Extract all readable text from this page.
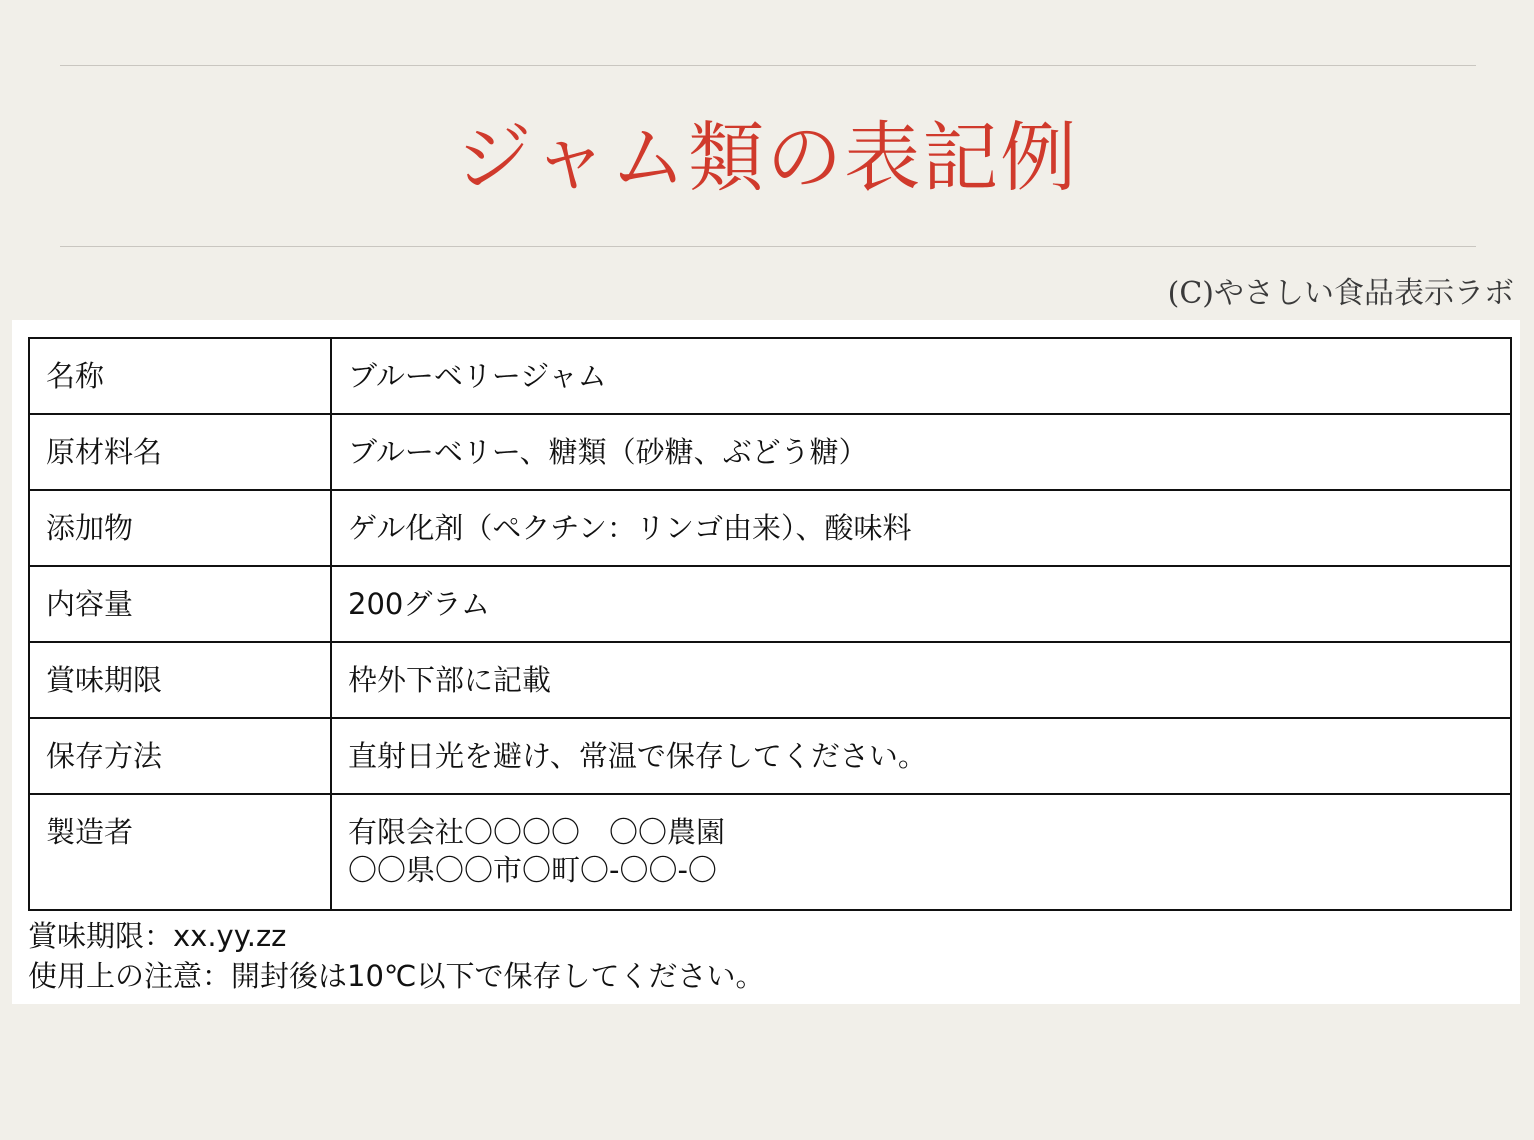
ジャム類の表記例
(C)やさしい食品表示ラボ
名称	ブルーベリージャム
原材料名	ブルーベリー、糖類（砂糖、ぶどう糖）
添加物	ゲル化剤（ペクチン：リンゴ由来）、酸味料
内容量	200グラム
賞味期限	枠外下部に記載
保存方法	直射日光を避け、常温で保存してください。
製造者	有限会社〇〇〇〇　〇〇農園
〇〇県〇〇市〇町〇-〇〇-〇
賞味期限：xx.yy.zz
使用上の注意：開封後は10℃以下で保存してください。
